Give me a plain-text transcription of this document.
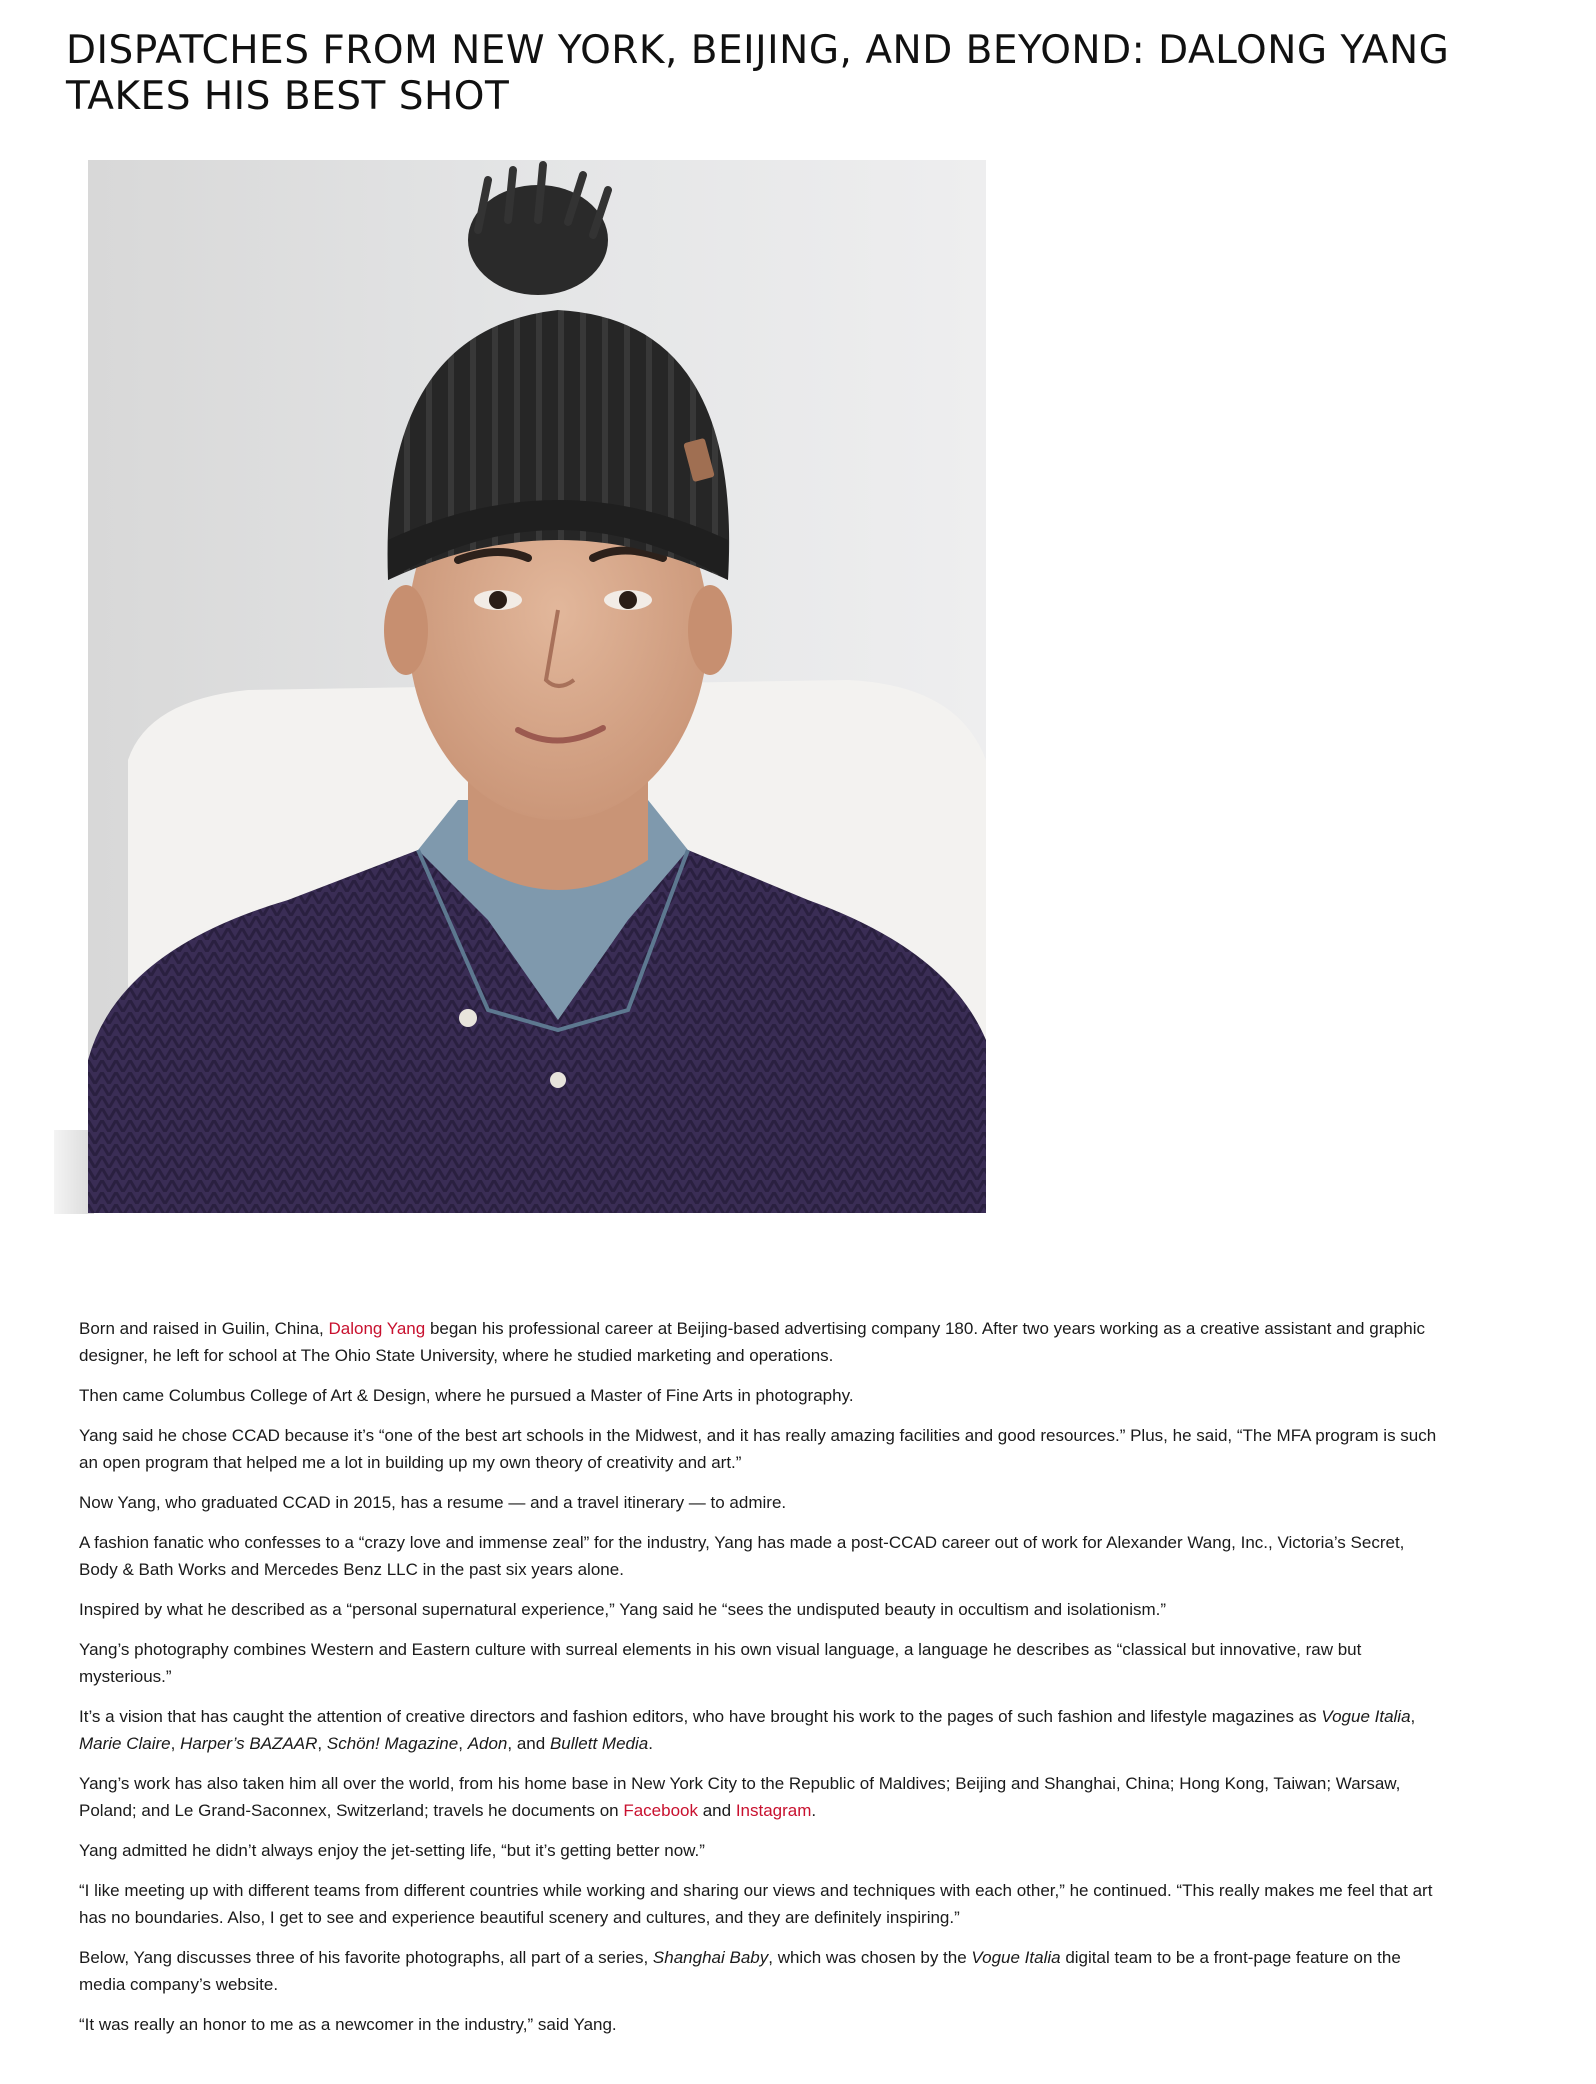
DISPATCHES FROM NEW YORK, BEIJING, AND BEYOND: DALONG YANG TAKES HIS BEST SHOT

Born and raised in Guilin, China, Dalong Yang began his professional career at Beijing-based advertising company 180. After two years working as a creative assistant and graphic designer, he left for school at The Ohio State University, where he studied marketing and operations.

Then came Columbus College of Art & Design, where he pursued a Master of Fine Arts in photography.

Yang said he chose CCAD because it’s “one of the best art schools in the Midwest, and it has really amazing facilities and good resources.” Plus, he said, “The MFA program is such an open program that helped me a lot in building up my own theory of creativity and art.”

Now Yang, who graduated CCAD in 2015, has a resume — and a travel itinerary — to admire.

A fashion fanatic who confesses to a “crazy love and immense zeal” for the industry, Yang has made a post-CCAD career out of work for Alexander Wang, Inc., Victoria’s Secret, Body & Bath Works and Mercedes Benz LLC in the past six years alone.

Inspired by what he described as a “personal supernatural experience,” Yang said he “sees the undisputed beauty in occultism and isolationism.”

Yang’s photography combines Western and Eastern culture with surreal elements in his own visual language, a language he describes as “classical but innovative, raw but mysterious.”

It’s a vision that has caught the attention of creative directors and fashion editors, who have brought his work to the pages of such fashion and lifestyle magazines as Vogue Italia, Marie Claire, Harper’s BAZAAR, Schön! Magazine, Adon, and Bullett Media.

Yang’s work has also taken him all over the world, from his home base in New York City to the Republic of Maldives; Beijing and Shanghai, China; Hong Kong, Taiwan; Warsaw, Poland; and Le Grand-Saconnex, Switzerland; travels he documents on Facebook and Instagram.

Yang admitted he didn’t always enjoy the jet-setting life, “but it’s getting better now.”

“I like meeting up with different teams from different countries while working and sharing our views and techniques with each other,” he continued. “This really makes me feel that art has no boundaries. Also, I get to see and experience beautiful scenery and cultures, and they are definitely inspiring.”

Below, Yang discusses three of his favorite photographs, all part of a series, Shanghai Baby, which was chosen by the Vogue Italia digital team to be a front-page feature on the media company’s website.

“It was really an honor to me as a newcomer in the industry,” said Yang.
